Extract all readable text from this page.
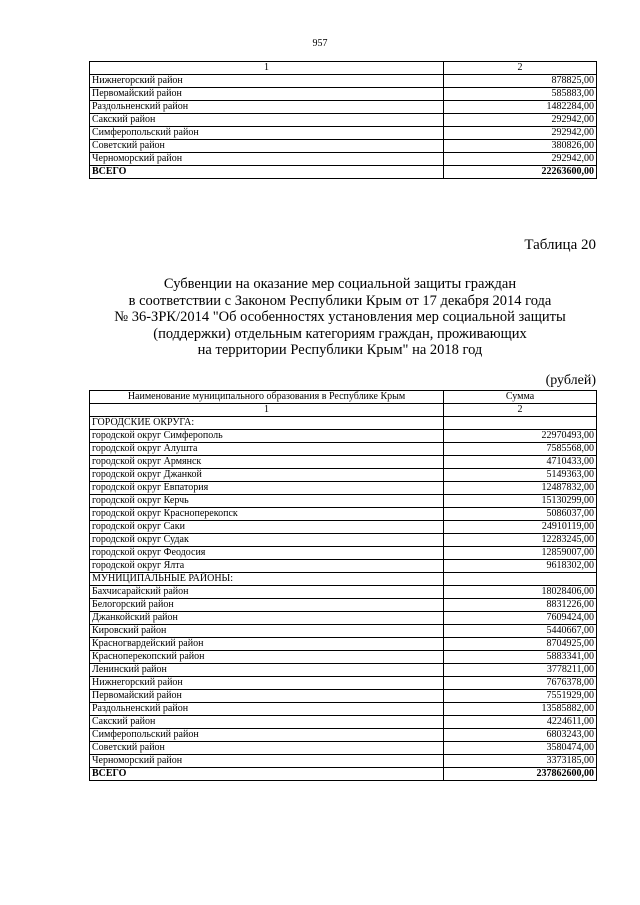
957
1	2
Нижнегорский район	878825,00
Первомайский район	585883,00
Раздольненский район	1482284,00
Сакский район	292942,00
Симферопольский район	292942,00
Советский район	380826,00
Черноморский район	292942,00
ВСЕГО	22263600,00
Таблица 20
Субвенции на оказание мер социальной защиты граждан
в соответствии с Законом Республики Крым от 17 декабря 2014 года
№ 36-ЗРК/2014 "Об особенностях установления мер социальной защиты
(поддержки) отдельным категориям граждан, проживающих
на территории Республики Крым" на 2018 год
(рублей)
Наименование муниципального образования в Республике Крым	Сумма
1	2
ГОРОДСКИЕ ОКРУГА:	
городской округ Симферополь	22970493,00
городской округ Алушта	7585568,00
городской округ Армянск	4710433,00
городской округ Джанкой	5149363,00
городской округ Евпатория	12487832,00
городской округ Керчь	15130299,00
городской округ Красноперекопск	5086037,00
городской округ Саки	24910119,00
городской округ Судак	12283245,00
городской округ Феодосия	12859007,00
городской округ Ялта	9618302,00
МУНИЦИПАЛЬНЫЕ РАЙОНЫ:	
Бахчисарайский район	18028406,00
Белогорский район	8831226,00
Джанкойский район	7609424,00
Кировский район	5440667,00
Красногвардейский район	8704925,00
Красноперекопский район	5883341,00
Ленинский район	3778211,00
Нижнегорский район	7676378,00
Первомайский район	7551929,00
Раздольненский район	13585882,00
Сакский район	4224611,00
Симферопольский район	6803243,00
Советский район	3580474,00
Черноморский район	3373185,00
ВСЕГО	237862600,00
